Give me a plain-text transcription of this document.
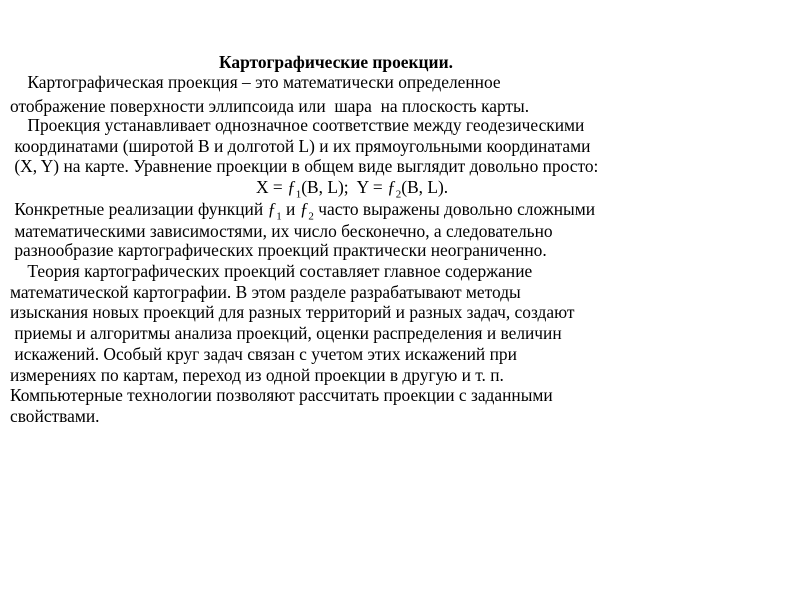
Картографические проекции.
Картографическая проекция – это математически определенное
отображение поверхности эллипсоида или  шара  на плоскость карты.
Проекция устанавливает однозначное соответствие между геодезическими
координатами (широтой B и долготой L) и их прямоугольными координатами
(X, Y) на карте. Уравнение проекции в общем виде выглядит довольно просто:
$X = ƒ_1(B$, L);  $Y = ƒ_2(B$, L).
Конкретные реализации функций $ƒ_1$ и $ƒ_2$ часто выражены довольно сложными
математическими зависимостями, их число бесконечно, а следовательно
разнообразие картографических проекций практически неограниченно.
Теория картографических проекций составляет главное содержание
математической картографии. В этом разделе разрабатывают методы
изыскания новых проекций для разных территорий и разных задач, создают
приемы и алгоритмы анализа проекций, оценки распределения и величин
искажений. Особый круг задач связан с учетом этих искажений при
измерениях по картам, переход из одной проекции в другую и т. п.
Компьютерные технологии позволяют рассчитать проекции с заданными
свойствами.
